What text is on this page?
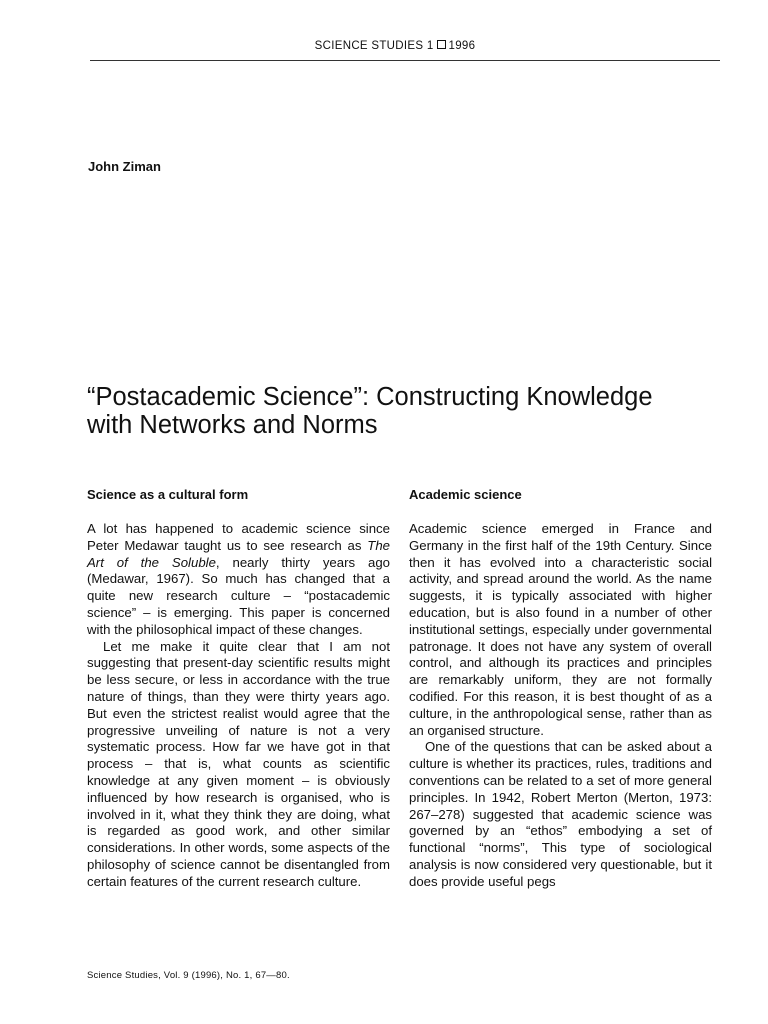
SCIENCE STUDIES 1 1996
John Ziman
“Postacademic Science”: Constructing Knowledge with Networks and Norms
Science as a cultural form

A lot has happened to academic science since Peter Medawar taught us to see research as The Art of the Soluble, nearly thirty years ago (Medawar, 1967). So much has changed that a quite new research culture – “postacademic science” – is emerging. This paper is concerned with the philosophical impact of these changes.

Let me make it quite clear that I am not suggesting that present-day scientific results might be less secure, or less in accordance with the true nature of things, than they were thirty years ago. But even the strictest realist would agree that the progressive unveiling of nature is not a very systematic process. How far we have got in that process – that is, what counts as scientific knowledge at any given moment – is obviously influenced by how research is organised, who is involved in it, what they think they are doing, what is regarded as good work, and other similar considerations. In other words, some aspects of the philosophy of science cannot be disentangled from certain features of the current research culture.

Academic science

Academic science emerged in France and Germany in the first half of the 19th Century. Since then it has evolved into a characteristic social activity, and spread around the world. As the name suggests, it is typically associated with higher education, but is also found in a number of other institutional settings, especially under governmental patronage. It does not have any system of overall control, and although its practices and principles are remarkably uniform, they are not formally codified. For this reason, it is best thought of as a culture, in the anthropological sense, rather than as an organised structure.

One of the questions that can be asked about a culture is whether its practices, rules, traditions and conventions can be related to a set of more general principles. In 1942, Robert Merton (Merton, 1973: 267–278) suggested that academic science was governed by an “ethos” embodying a set of functional “norms”, This type of sociological analysis is now considered very questionable, but it does provide useful pegs

Science Studies, Vol. 9 (1996), No. 1, 67—80.
